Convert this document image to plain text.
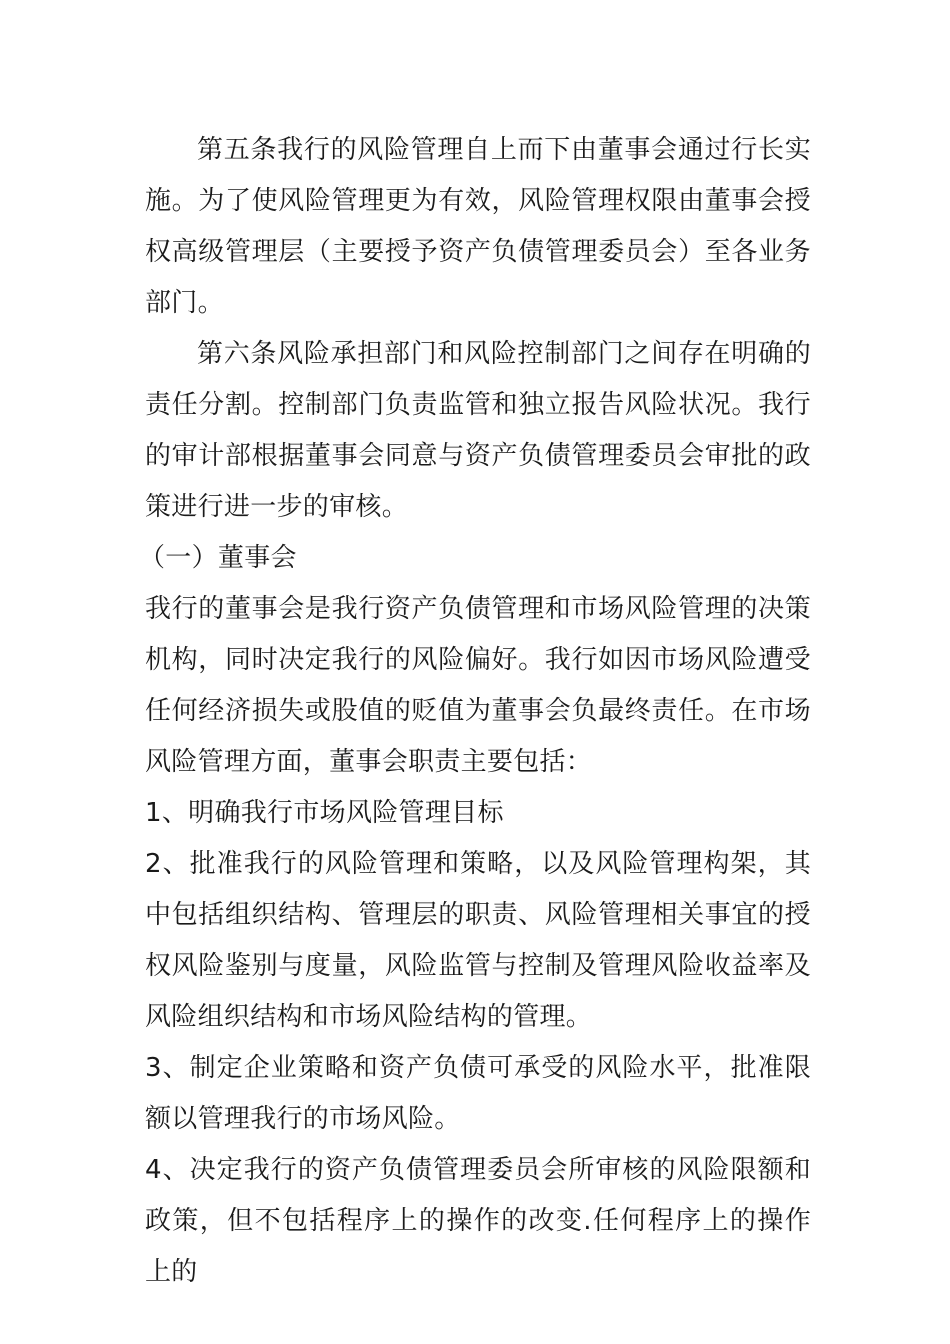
第五条我行的风险管理自上而下由董事会通过行长实施。为了使风险管理更为有效，风险管理权限由董事会授权高级管理层（主要授予资产负债管理委员会）至各业务部门。

第六条风险承担部门和风险控制部门之间存在明确的责任分割。控制部门负责监管和独立报告风险状况。我行的审计部根据董事会同意与资产负债管理委员会审批的政策进行进一步的审核。

（一）董事会

我行的董事会是我行资产负债管理和市场风险管理的决策机构，同时决定我行的风险偏好。我行如因市场风险遭受任何经济损失或股值的贬值为董事会负最终责任。在市场风险管理方面，董事会职责主要包括：

1、明确我行市场风险管理目标

2、批准我行的风险管理和策略，以及风险管理构架，其中包括组织结构、管理层的职责、风险管理相关事宜的授权风险鉴别与度量，风险监管与控制及管理风险收益率及风险组织结构和市场风险结构的管理。

3、制定企业策略和资产负债可承受的风险水平，批准限额以管理我行的市场风险。

4、决定我行的资产负债管理委员会所审核的风险限额和政策，但不包括程序上的操作的改变.任何程序上的操作上的
